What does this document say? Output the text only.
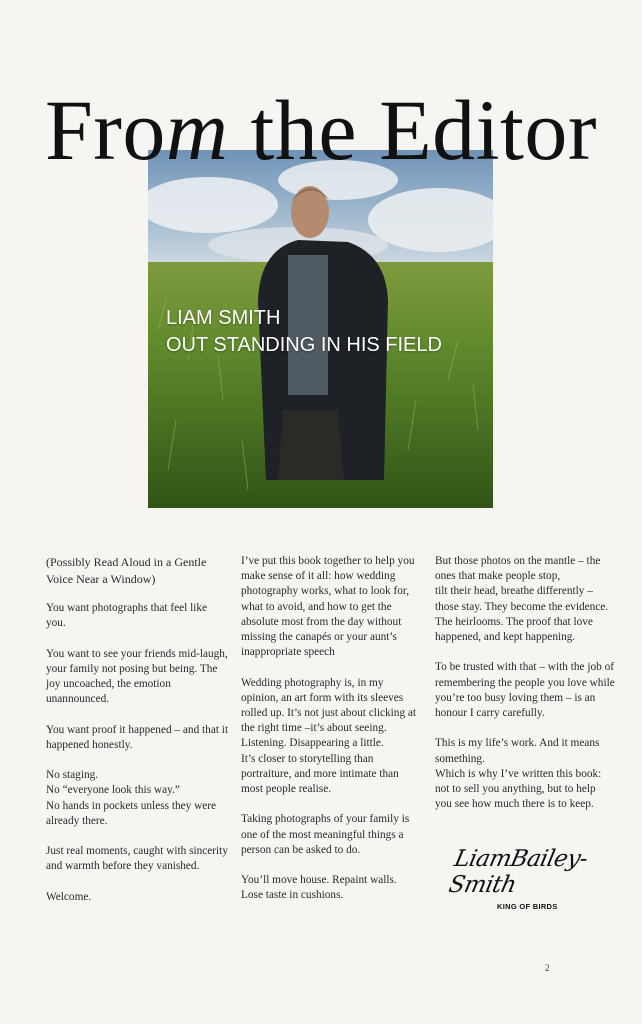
From the Editor
LIAM SMITH
OUT STANDING IN HIS FIELD

(Possibly Read Aloud in a Gentle Voice Near a Window)

You want photographs that feel like you.

You want to see your friends mid-laugh, your family not posing but being. The joy uncoached, the emotion unannounced.

You want proof it happened – and that it happened honestly.

No staging.
No “everyone look this way.”
No hands in pockets unless they were already there.

Just real moments, caught with sincerity and warmth before they vanished.

Welcome.

I’ve put this book together to help you make sense of it all: how wedding photography works, what to look for, what to avoid, and how to get the absolute most from the day without missing the canapés or your aunt’s inappropriate speech

Wedding photography is, in my opinion, an art form with its sleeves rolled up. It’s not just about clicking at the right time –it’s about seeing. Listening. Disappearing a little.
It’s closer to storytelling than portraiture, and more intimate than most people realise.

Taking photographs of your family is one of the most meaningful things a person can be asked to do.

You’ll move house. Repaint walls. Lose taste in cushions.

But those photos on the mantle – the ones that make people stop,
tilt their head, breathe differently – those stay. They become the evidence. The heirlooms. The proof that love happened, and kept happening.

To be trusted with that – with the job of remembering the people you love while you’re too busy loving them – is an honour I carry carefully.

This is my life’s work. And it means something.
Which is why I’ve written this book: not to sell you anything, but to help you see how much there is to keep.

LiamBailey-Smith
KING OF BIRDS
2
